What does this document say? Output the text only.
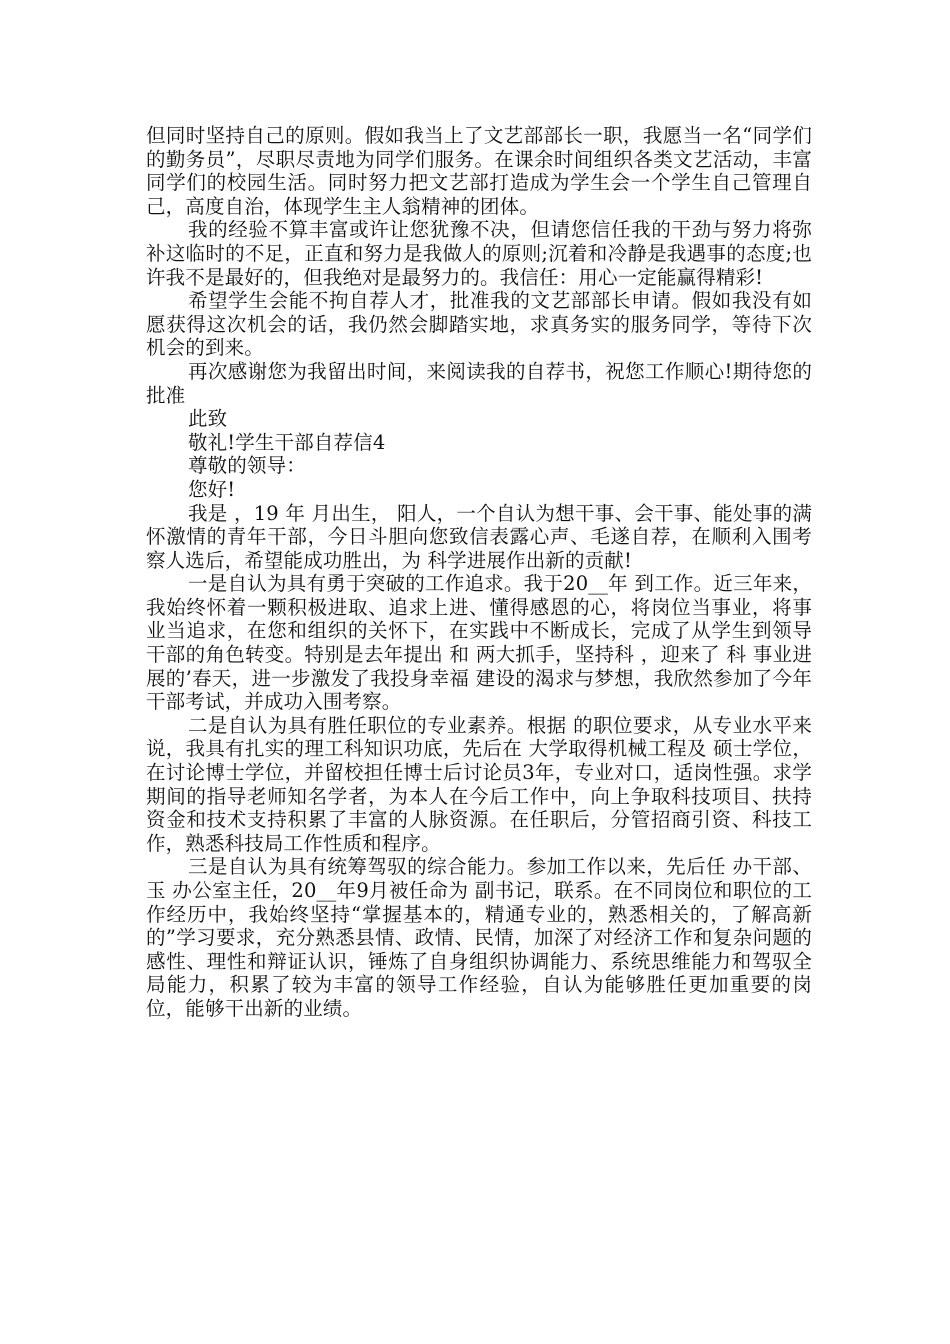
但同时坚持自己的原则。假如我当上了文艺部部长一职，我愿当一名“同学们的勤务员”，尽职尽责地为同学们服务。在课余时间组织各类文艺活动，丰富同学们的校园生活。同时努力把文艺部打造成为学生会一个学生自己管理自己，高度自治，体现学生主人翁精神的团体。

我的经验不算丰富或许让您犹豫不决，但请您信任我的干劲与努力将弥补这临时的不足，正直和努力是我做人的原则;沉着和冷静是我遇事的态度;也许我不是最好的，但我绝对是最努力的。我信任：用心一定能赢得精彩!

希望学生会能不拘自荐人才，批准我的文艺部部长申请。假如我没有如愿获得这次机会的话，我仍然会脚踏实地，求真务实的服务同学，等待下次机会的到来。

再次感谢您为我留出时间，来阅读我的自荐书，祝您工作顺心!期待您的批准

此致

敬礼!学生干部自荐信4

尊敬的领导：

您好!

我是 ，19 年 月出生， 阳人，一个自认为想干事、会干事、能处事的满怀激情的青年干部，今日斗胆向您致信表露心声、毛遂自荐，在顺利入围考察人选后，希望能成功胜出，为 科学进展作出新的贡献!

一是自认为具有勇于突破的工作追求。我于20__年 到工作。近三年来，我始终怀着一颗积极进取、追求上进、懂得感恩的心，将岗位当事业，将事业当追求，在您和组织的关怀下，在实践中不断成长，完成了从学生到领导干部的角色转变。特别是去年提出 和 两大抓手，坚持科 ，迎来了 科 事业进展的’春天，进一步激发了我投身幸福 建设的渴求与梦想，我欣然参加了今年 干部考试，并成功入围考察。

二是自认为具有胜任职位的专业素养。根据 的职位要求，从专业水平来说，我具有扎实的理工科知识功底，先后在 大学取得机械工程及 硕士学位，在讨论博士学位，并留校担任博士后讨论员3年，专业对口，适岗性强。求学期间的指导老师知名学者，为本人在今后工作中，向上争取科技项目、扶持资金和技术支持积累了丰富的人脉资源。在任职后，分管招商引资、科技工作，熟悉科技局工作性质和程序。

三是自认为具有统筹驾驭的综合能力。参加工作以来，先后任 办干部、玉 办公室主任，20__年9月被任命为 副书记，联系。在不同岗位和职位的工作经历中，我始终坚持“掌握基本的，精通专业的，熟悉相关的，了解高新的”学习要求，充分熟悉县情、政情、民情，加深了对经济工作和复杂问题的感性、理性和辩证认识，锤炼了自身组织协调能力、系统思维能力和驾驭全局能力，积累了较为丰富的领导工作经验，自认为能够胜任更加重要的岗位，能够干出新的业绩。
